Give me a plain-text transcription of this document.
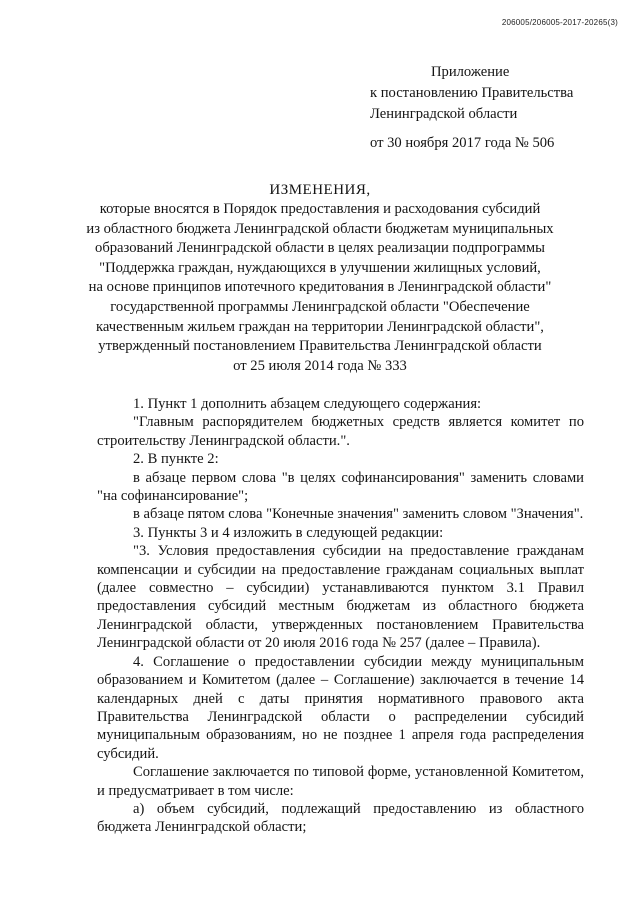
206005/206005-2017-20265(3)
Приложение
к постановлению Правительства
Ленинградской области
от 30 ноября 2017 года № 506
ИЗМЕНЕНИЯ,
которые вносятся в Порядок предоставления и расходования субсидий
из областного бюджета Ленинградской области бюджетам муниципальных
образований Ленинградской области в целях реализации подпрограммы
"Поддержка граждан, нуждающихся в улучшении жилищных условий,
на основе принципов ипотечного кредитования в Ленинградской области"
государственной программы Ленинградской области "Обеспечение
качественным жильем граждан на территории Ленинградской области",
утвержденный постановлением Правительства Ленинградской области
от 25 июля 2014 года № 333

1. Пункт 1 дополнить абзацем следующего содержания:

"Главным распорядителем бюджетных средств является комитет по строительству Ленинградской области.".

2. В пункте 2:

в абзаце первом слова "в целях софинансирования" заменить словами "на софинансирование";

в абзаце пятом слова "Конечные значения" заменить словом "Значения".

3. Пункты 3 и 4 изложить в следующей редакции:

"3. Условия предоставления субсидии на предоставление гражданам компенсации и субсидии на предоставление гражданам социальных выплат (далее совместно – субсидии) устанавливаются пунктом 3.1 Правил предоставления субсидий местным бюджетам из областного бюджета Ленинградской области, утвержденных постановлением Правительства Ленинградской области от 20 июля 2016 года № 257 (далее – Правила).

4. Соглашение о предоставлении субсидии между муниципальным образованием и Комитетом (далее – Соглашение) заключается в течение 14 календарных дней с даты принятия нормативного правового акта Правительства Ленинградской области о распределении субсидий муниципальным образованиям, но не позднее 1 апреля года распределения субсидий.

Соглашение заключается по типовой форме, установленной Комитетом, и предусматривает в том числе:

а) объем субсидий, подлежащий предоставлению из областного бюджета Ленинградской области;
